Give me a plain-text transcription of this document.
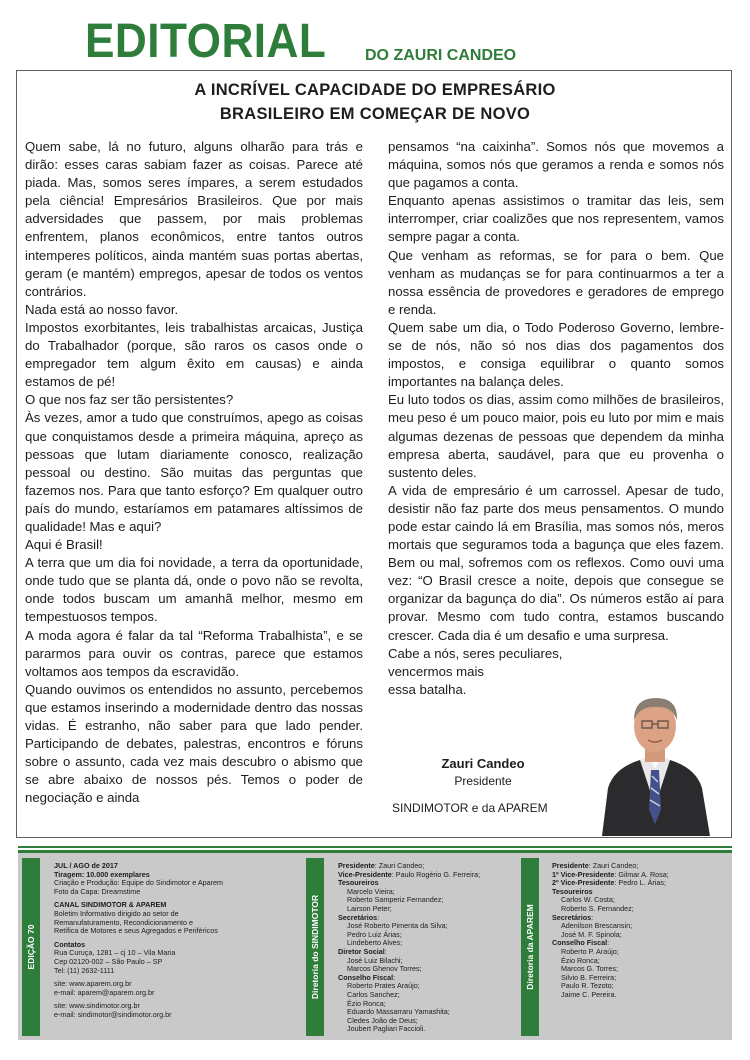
EDITORIAL DO ZAURI CANDEO
A INCRÍVEL CAPACIDADE DO EMPRESÁRIO
BRASILEIRO EM COMEÇAR DE NOVO

Quem sabe, lá no futuro, alguns olharão para trás e dirão: esses caras sabiam fazer as coisas. Parece até piada. Mas, somos seres ímpares, a serem estudados pela ciência! Empresários Brasileiros. Que por mais adversidades que passem, por mais problemas enfrentem, planos econômicos, entre tantos outros intemperes políticos, ainda mantém suas portas abertas, geram (e mantém) empregos, apesar de todos os ventos contrários.

Nada está ao nosso favor.

Impostos exorbitantes, leis trabalhistas arcaicas, Justiça do Trabalhador (porque, são raros os casos onde o empregador tem algum êxito em causas) e ainda estamos de pé!

O que nos faz ser tão persistentes?

Às vezes, amor a tudo que construímos, apego as coisas que conquistamos desde a primeira máquina, apreço as pessoas que lutam diariamente conosco, realização pessoal ou destino. São muitas das perguntas que fazemos nos. Para que tanto esforço? Em qualquer outro país do mundo, estaríamos em patamares altíssimos de qualidade! Mas e aqui?

Aqui é Brasil!

A terra que um dia foi novidade, a terra da oportunidade, onde tudo que se planta dá, onde o povo não se revolta, onde todos buscam um amanhã melhor, mesmo em tempestuosos tempos.

A moda agora é falar da tal “Reforma Trabalhista”, e se pararmos para ouvir os contras, parece que estamos voltamos aos tempos da escravidão.

Quando ouvimos os entendidos no assunto, percebemos que estamos inserindo a modernidade dentro das nossas vidas. É estranho, não saber para que lado pender. Participando de debates, palestras, encontros e fóruns sobre o assunto, cada vez mais descubro o abismo que se abre abaixo de nossos pés. Temos o poder de negociação e ainda

pensamos “na caixinha”. Somos nós que movemos a máquina, somos nós que geramos a renda e somos nós que pagamos a conta.

Enquanto apenas assistimos o tramitar das leis, sem interromper, criar coalizões que nos representem, vamos sempre pagar a conta.

Que venham as reformas, se for para o bem. Que venham as mudanças se for para continuarmos a ter a nossa essência de provedores e geradores de emprego e renda.

Quem sabe um dia, o Todo Poderoso Governo, lembre-se de nós, não só nos dias dos pagamentos dos impostos, e consiga equilibrar o quanto somos importantes na balança deles.

Eu luto todos os dias, assim como milhões de brasileiros, meu peso é um pouco maior, pois eu luto por mim e mais algumas dezenas de pessoas que dependem da minha empresa aberta, saudável, para que eu provenha o sustento deles.

A vida de empresário é um carrossel. Apesar de tudo, desistir não faz parte dos meus pensamentos. O mundo pode estar caindo lá em Brasília, mas somos nós, meros mortais que seguramos toda a bagunça que eles fazem. Bem ou mal, sofremos com os reflexos. Como ouvi uma vez: “O Brasil cresce a noite, depois que consegue se organizar da bagunça do dia”. Os números estão aí para provar. Mesmo com tudo contra, estamos buscando crescer. Cada dia é um desafio e uma surpresa.

Cabe a nós, seres peculiares,

vencermos mais

essa batalha.

Zauri Candeo
Presidente
SINDIMOTOR e da APAREM
EDIÇÃO 70
JUL / AGO de 2017
Tiragem: 10.000 exemplares
Criação e Produção: Equipe do Sindimotor e Aparem
Foto da Capa: Dreamstime
CANAL SINDIMOTOR & APAREM
Boletim Informativo dirigido ao setor de
Remanufaturamento, Recondicionamento e
Retífica de Motores e seus Agregados e Periféricos
Contatos
Rua Curuça, 1281 – cj 10 – Vila Maria
Cep 02120-002 – São Paulo – SP
Tel: (11) 2632-1111
site: www.aparem.org.br
e-mail: aparem@aparem.org.br
site: www.sindimotor.org.br
e-mail: sindimotor@sindimotor.org.br
Diretoria do SINDIMOTOR
Presidente: Zauri Candeo;
Vice-Presidente: Paulo Rogério G. Ferreira;
Tesoureiros
Marcelo Vieira;
Roberto Samperiz Fernandez;
Lairson Peter;
Secretários:
José Roberto Pimenta da Silva;
Pedro Luiz Árias;
Lindeberto Alves;
Diretor Social:
José Luiz Bilachi;
Marcos Ghenov Torres;
Conselho Fiscal:
Roberto Prates Araújo;
Carlos Sanchez;
Ézio Ronca;
Eduardo Massarraru Yamashita;
Cledes João de Deus;
Joubert Pagliari Faccioli.
Diretoria da APAREM
Presidente: Zauri Candeo;
1º Vice-Presidente: Gilmar A. Rosa;
2º Vice-Presidente: Pedro L. Árias;
Tesoureiros
Carlos W. Costa;
Roberto S. Fernandez;
Secretários:
Adenilson Brescansin;
José M. F. Spinola;
Conselho Fiscal:
Roberto P. Araújo;
Ézio Ronca;
Marcos G. Torres;
Silvio B. Ferreira;
Paulo R. Tezoto;
Jaime C. Pereira.
